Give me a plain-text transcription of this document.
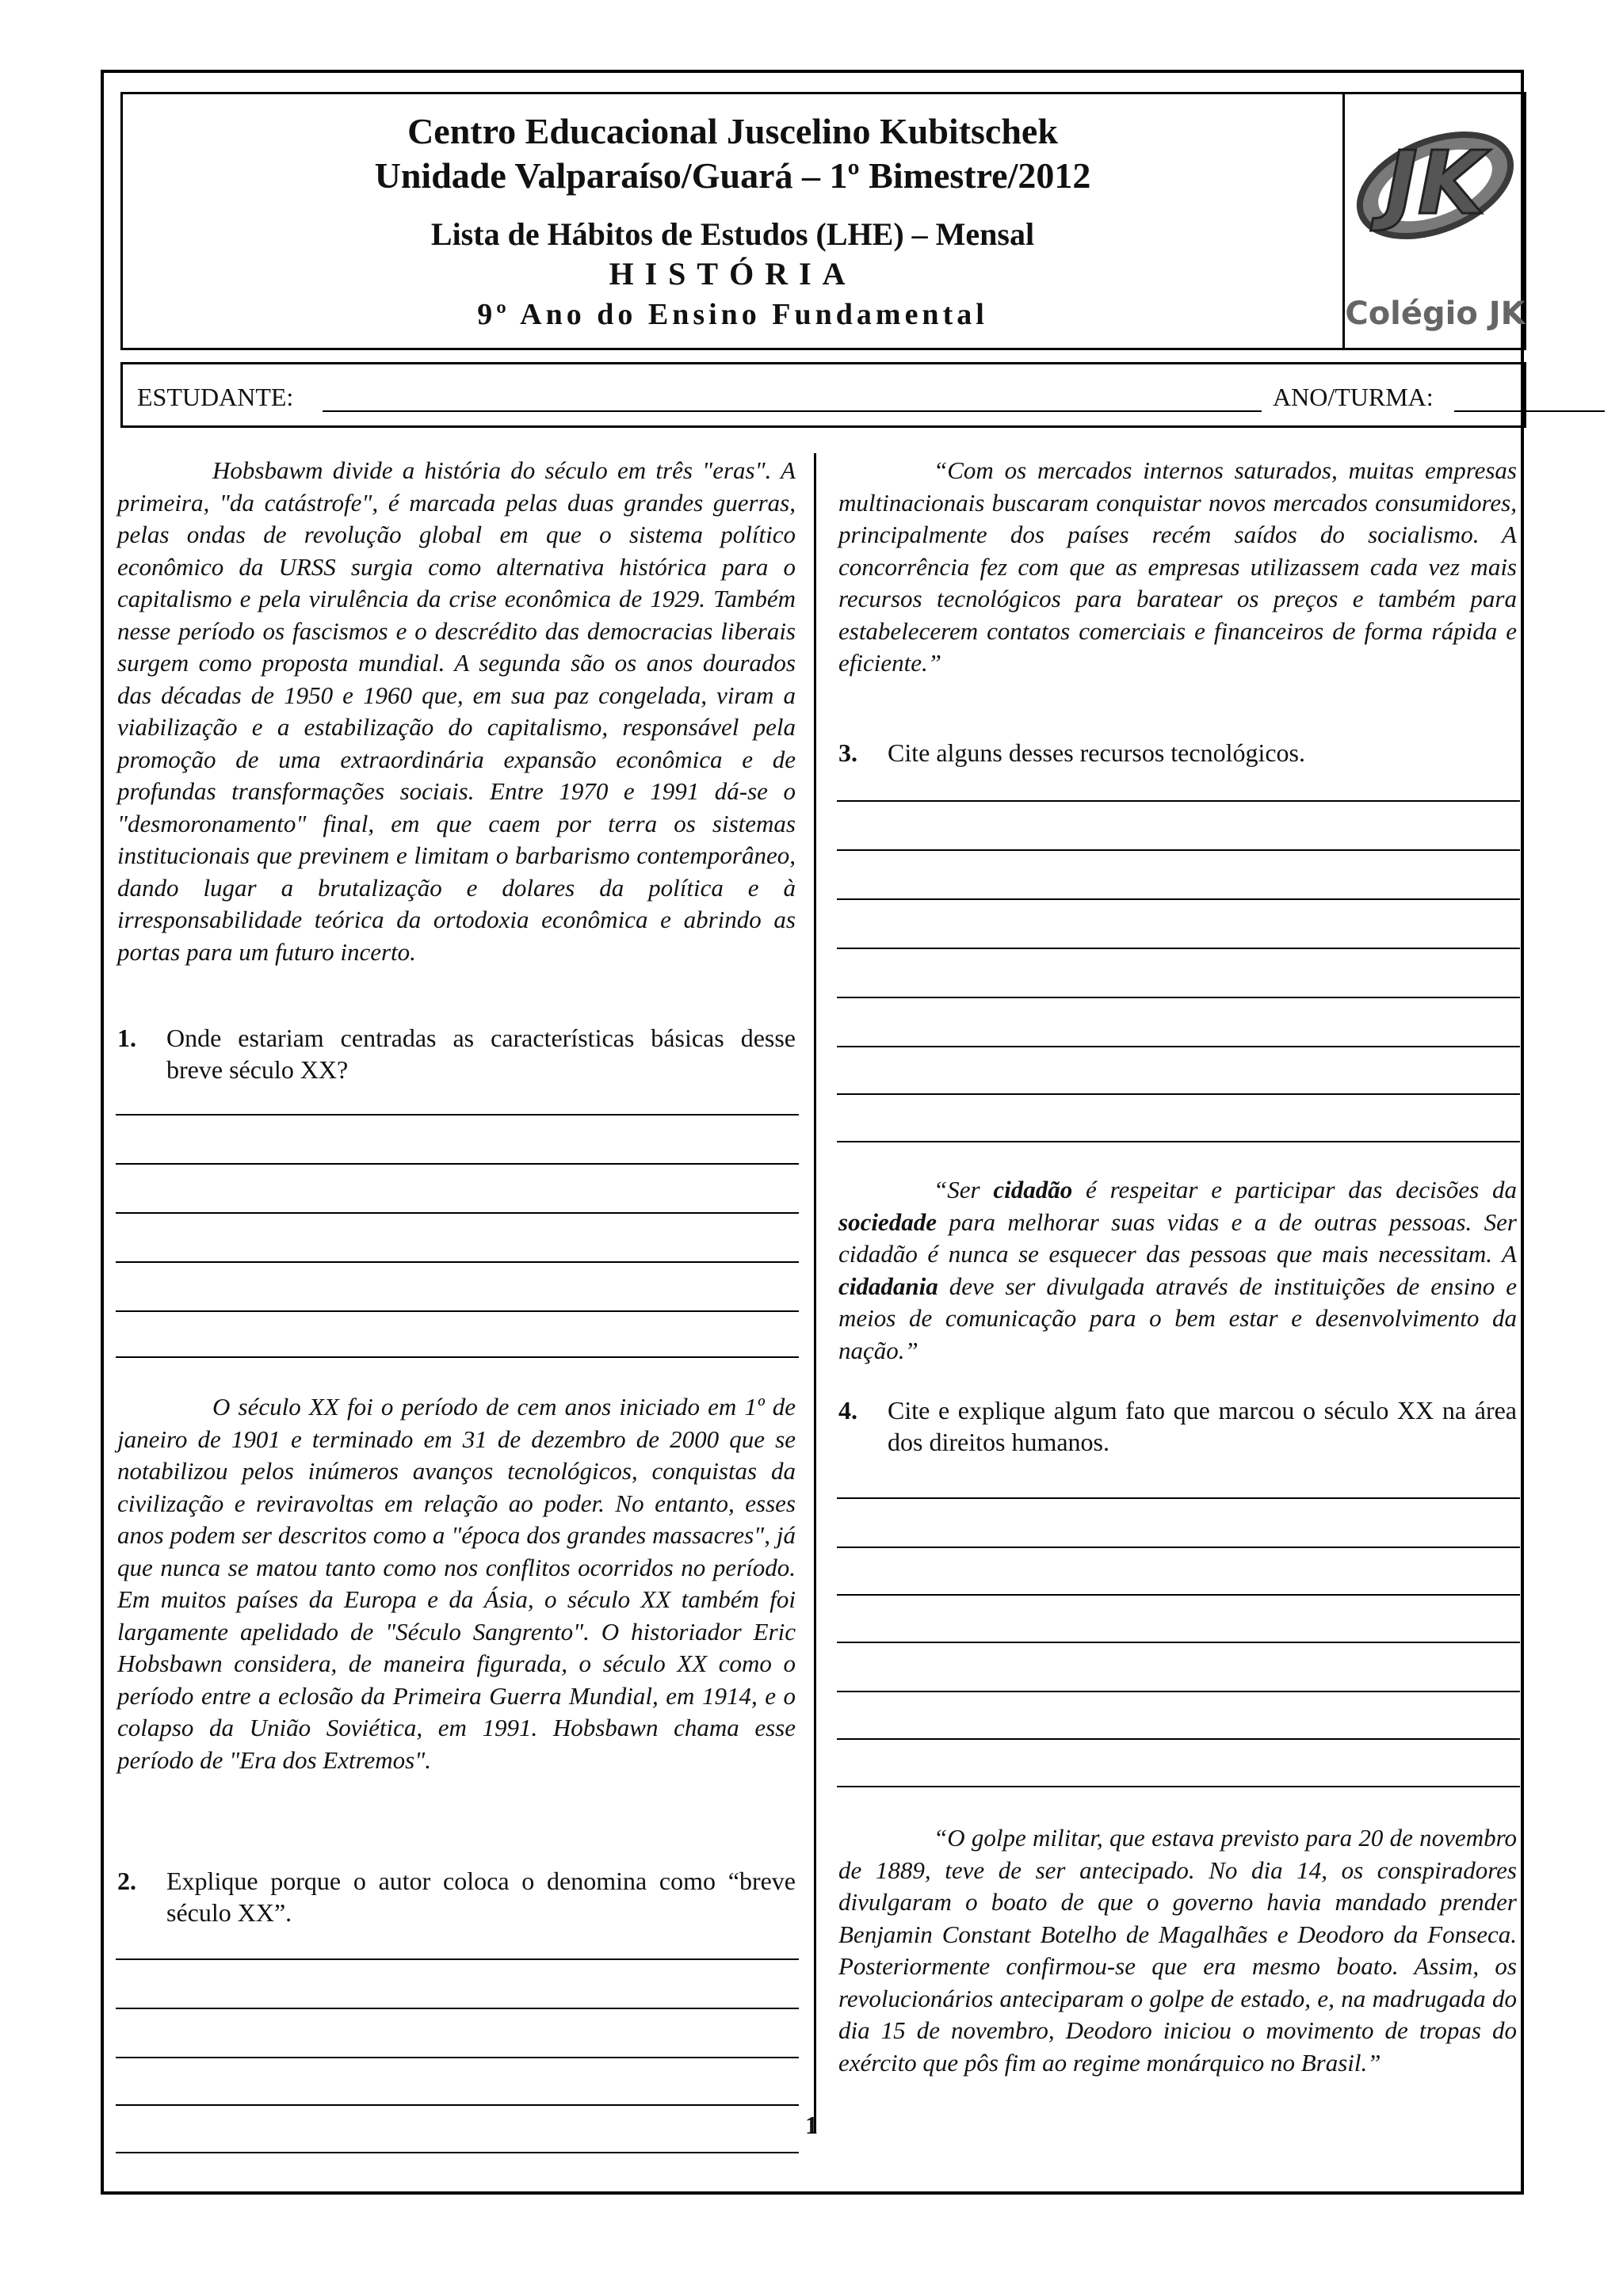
Centro Educacional Juscelino Kubitschek
Unidade Valparaíso/Guará – 1º Bimestre/2012
Lista de Hábitos de Estudos (LHE) – Mensal
HISTÓRIA
9º Ano do Ensino Fundamental
JK
Colégio JK
ESTUDANTE:	ANO/TURMA:
Hobsbawm divide a história do século em três "eras". A primeira, "da catástrofe", é marcada pelas duas grandes guerras, pelas ondas de revolução global em que o sistema político econômico da URSS surgia como alternativa histórica para o capitalismo e pela virulência da crise econômica de 1929. Também nesse período os fascismos e o descrédito das democracias liberais surgem como proposta mundial. A segunda são os anos dourados das décadas de 1950 e 1960 que, em sua paz congelada, viram a viabilização e a estabilização do capitalismo, responsável pela promoção de uma extraordinária expansão econômica e de profundas transformações sociais. Entre 1970 e 1991 dá-se o "desmoronamento" final, em que caem por terra os sistemas institucionais que previnem e limitam o barbarismo contemporâneo, dando lugar a brutalização e dolares da política e à irresponsabilidade teórica da ortodoxia econômica e abrindo as portas para um futuro incerto.
1. Onde estariam centradas as características básicas desse breve século XX?
O século XX foi o período de cem anos iniciado em 1º de janeiro de 1901 e terminado em 31 de dezembro de 2000 que se notabilizou pelos inúmeros avanços tecnológicos, conquistas da civilização e reviravoltas em relação ao poder. No entanto, esses anos podem ser descritos como a "época dos grandes massacres", já que nunca se matou tanto como nos conflitos ocorridos no período. Em muitos países da Europa e da Ásia, o século XX também foi largamente apelidado de "Século Sangrento". O historiador Eric Hobsbawn considera, de maneira figurada, o século XX como o período entre a eclosão da Primeira Guerra Mundial, em 1914, e o colapso da União Soviética, em 1991. Hobsbawn chama esse período de "Era dos Extremos".
2. Explique porque o autor coloca o denomina como “breve século XX”.
“Com os mercados internos saturados, muitas empresas multinacionais buscaram conquistar novos mercados consumidores, principalmente dos países recém saídos do socialismo. A concorrência fez com que as empresas utilizassem cada vez mais recursos tecnológicos para baratear os preços e também para estabelecerem contatos comerciais e financeiros de forma rápida e eficiente.”
3. Cite alguns desses recursos tecnológicos.
“Ser cidadão é respeitar e participar das decisões da sociedade para melhorar suas vidas e a de outras pessoas. Ser cidadão é nunca se esquecer das pessoas que mais necessitam. A cidadania deve ser divulgada através de instituições de ensino e meios de comunicação para o bem estar e desenvolvimento da nação.”
4. Cite e explique algum fato que marcou o século XX na área dos direitos humanos.
“O golpe militar, que estava previsto para 20 de novembro de 1889, teve de ser antecipado. No dia 14, os conspiradores divulgaram o boato de que o governo havia mandado prender Benjamin Constant Botelho de Magalhães e Deodoro da Fonseca. Posteriormente confirmou-se que era mesmo boato. Assim, os revolucionários anteciparam o golpe de estado, e, na madrugada do dia 15 de novembro, Deodoro iniciou o movimento de tropas do exército que pôs fim ao regime monárquico no Brasil.”
1
